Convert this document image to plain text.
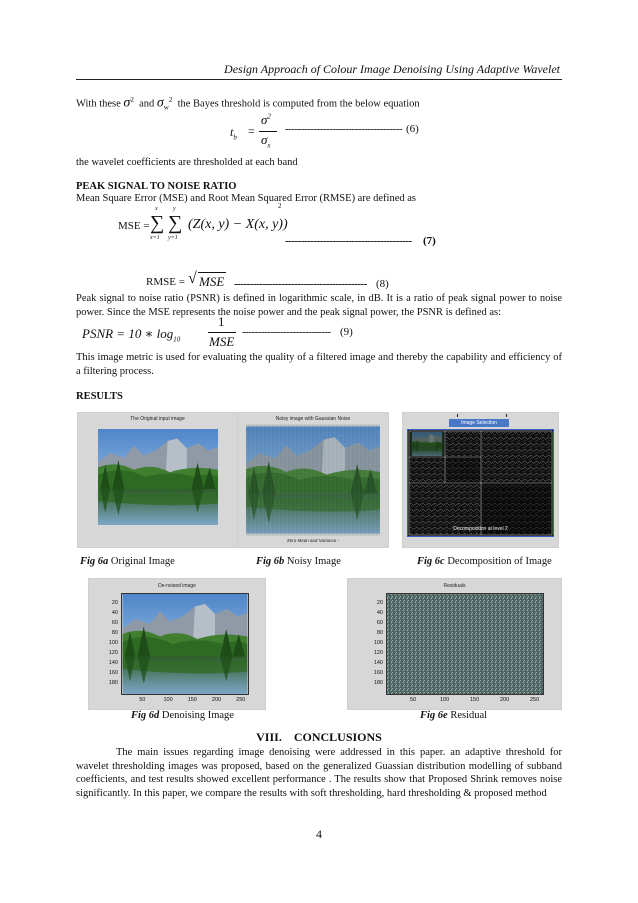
Design Approach of Colour Image Denoising Using Adaptive Wavelet
With these $\sigma^2$ and $\sigma_w^2$ the Bayes threshold is computed from the below equation
$t_b$ =
$\sigma^2$
$\sigma_x$
------------------------------------- (6)
the wavelet coefficients are thresholded at each band
PEAK SIGNAL TO NOISE RATIO
Mean Square Error (MSE) and Root Mean Squared Error (RMSE) are defined as
MSE =
x
∑
x=1
y
∑
y=1
(Z(x, y) − X(x, y))
2
---------------------------------------- (7)
RMSE = √ MSE ------------------------------------------ (8)
Peak signal to noise ratio (PSNR) is defined in logarithmic scale, in dB. It is a ratio of peak signal power to noise power. Since the MSE represents the noise power and the peak signal power, the PSNR is defined as:
PSNR = 10 ∗ $\log_{10}$
1
MSE
---------------------------- (9)
This image metric is used for evaluating the quality of a filtered image and thereby the capability and efficiency of a filtering process.
RESULTS
The Original input image	Noisy image with Gaussian Noise
Zero Mean and Variance -
Image Selection
Decomposition at level 2
Fig 6a Original Image	Fig 6b Noisy Image	Fig 6c Decomposition of Image
De-noised image
20
40
60
80
100
120
140
160
180
50	100	150	200	250
Residuals
20
40
60
80
100
120
140
160
180
50	100	150	200	250
Fig 6d Denoising Image	Fig 6e Residual
VIII.    CONCLUSIONS
The main issues regarding image denoising were addressed in this paper. an adaptive threshold for wavelet thresholding images was proposed, based on the generalized Guassian distribution modelling of subband coefficients, and test results showed excellent performance . The results show that Proposed Shrink removes noise significantly. In this paper, we compare the results with soft thresholding, hard thresholding & proposed method
4
